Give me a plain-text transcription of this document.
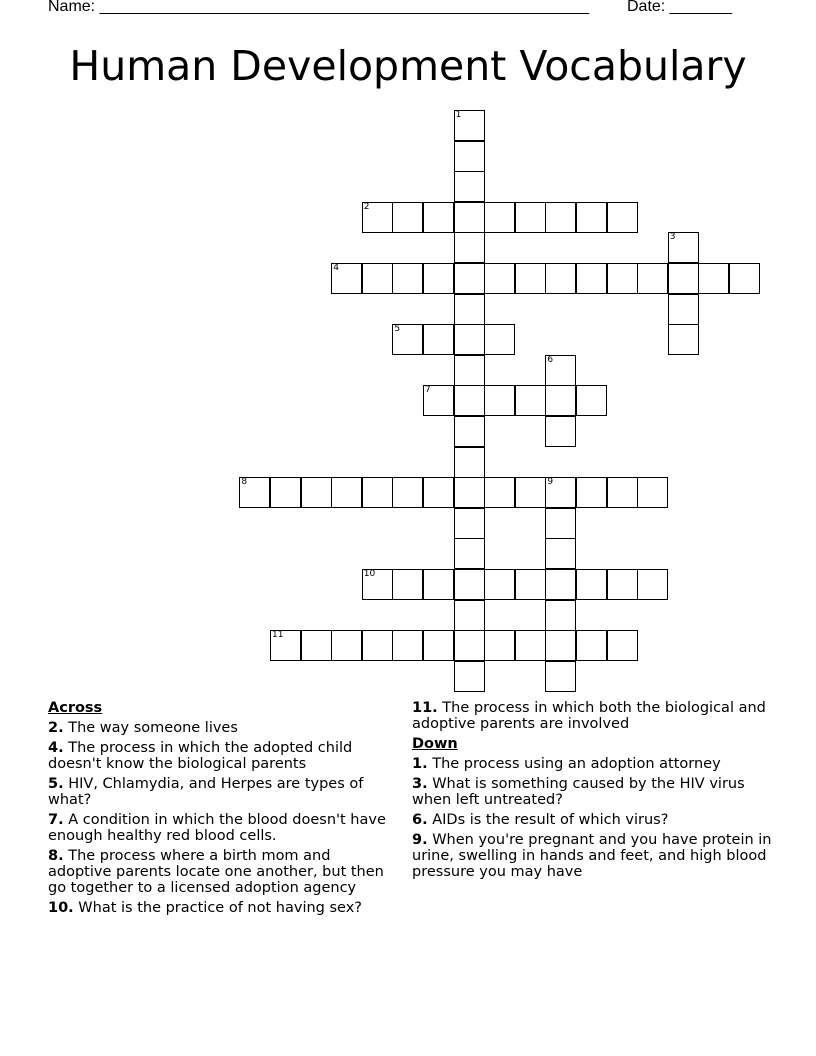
Name: _______________________________________________________ Date: _______
Human Development Vocabulary
1
2
4
3
5
6
7
8	9
10
11
Across
2. The way someone lives
4. The process in which the adopted child doesn't know the biological parents
5. HIV, Chlamydia, and Herpes are types of what?
7. A condition in which the blood doesn't have enough healthy red blood cells.
8. The process where a birth mom and adoptive parents locate one another, but then go together to a licensed adoption agency
10. What is the practice of not having sex?
11. The process in which both the biological and adoptive parents are involved
Down
1. The process using an adoption attorney
3. What is something caused by the HIV virus when left untreated?
6. AIDs is the result of which virus?
9. When you're pregnant and you have protein in urine, swelling in hands and feet, and high blood pressure you may have
